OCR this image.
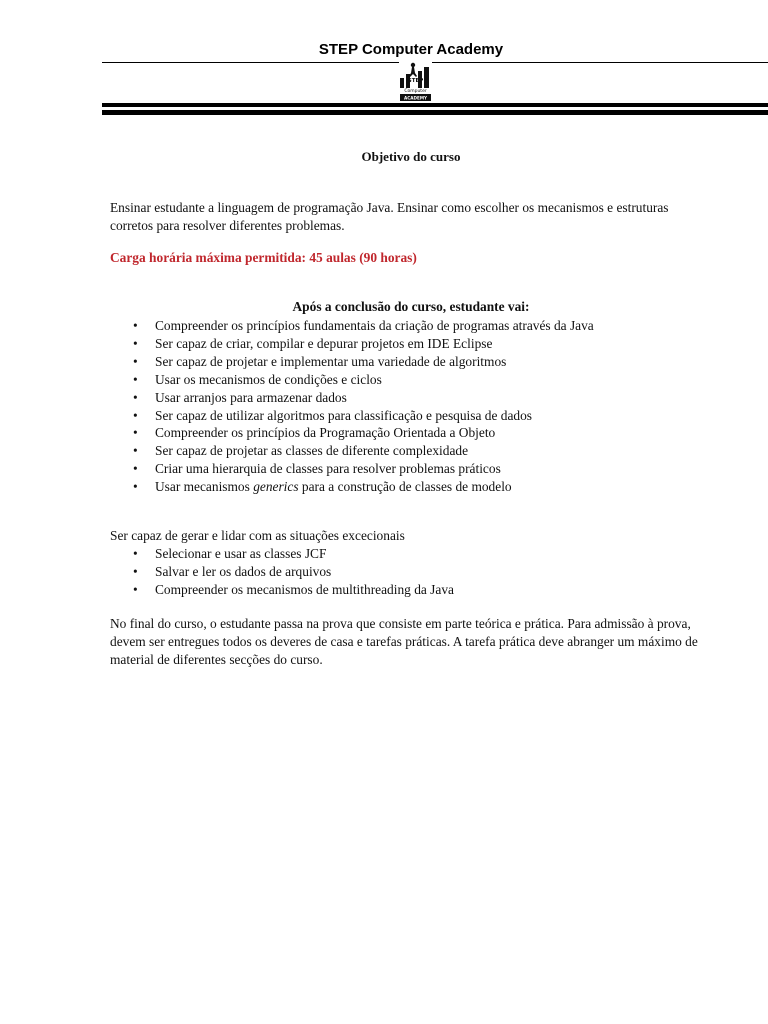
STEP Computer Academy
STEP
Computer
ACADEMY
Objetivo do curso
Ensinar estudante a linguagem de programação Java. Ensinar como escolher os mecanismos e estruturas corretos para resolver diferentes problemas.
Carga horária máxima permitida: 45 aulas (90 horas)
Após a conclusão do curso, estudante vai:
• Compreender os princípios fundamentais da criação de programas através da Java
• Ser capaz de criar, compilar e depurar projetos em IDE Eclipse
• Ser capaz de projetar e implementar uma variedade de algoritmos
• Usar os mecanismos de condições e ciclos
• Usar arranjos para armazenar dados
• Ser capaz de utilizar algoritmos para classificação e pesquisa de dados
• Compreender os princípios da Programação Orientada a Objeto
• Ser capaz de projetar as classes de diferente complexidade
• Criar uma hierarquia de classes para resolver problemas práticos
• Usar mecanismos generics para a construção de classes de modelo
Ser capaz de gerar e lidar com as situações excecionais
• Selecionar e usar as classes JCF
• Salvar e ler os dados de arquivos
• Compreender os mecanismos de multithreading da Java
No final do curso, o estudante passa na prova que consiste em parte teórica e prática. Para admissão à prova, devem ser entregues todos os deveres de casa e tarefas práticas. A tarefa prática deve abranger um máximo de material de diferentes secções do curso.
